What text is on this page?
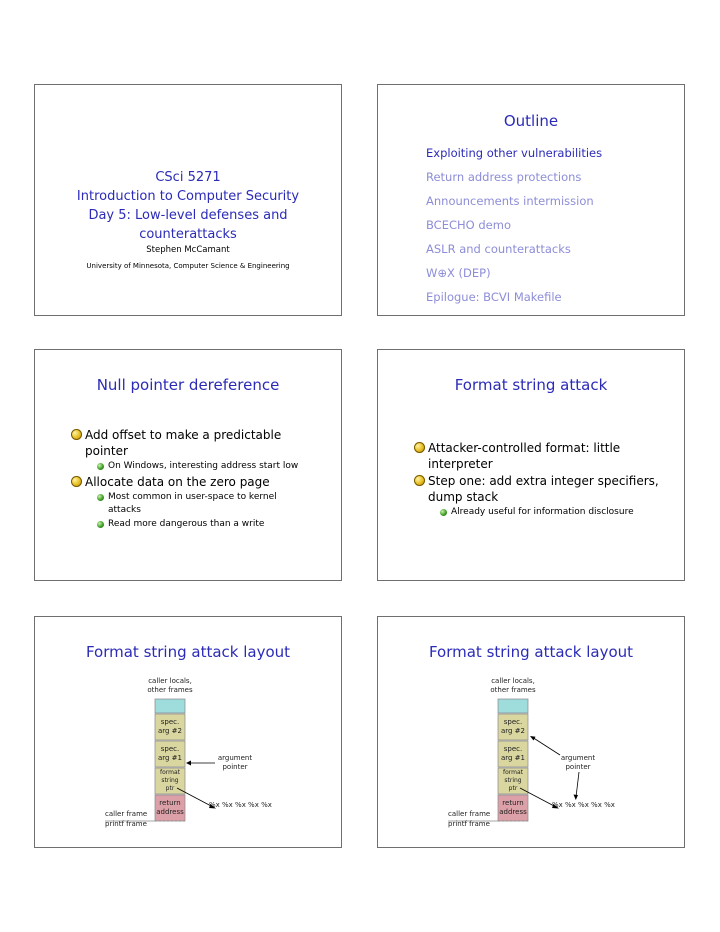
CSci 5271
Introduction to Computer Security
Day 5: Low-level defenses and
counterattacks
Stephen McCamant
University of Minnesota, Computer Science & Engineering
Outline
Exploiting other vulnerabilities
Return address protections
Announcements intermission
BCECHO demo
ASLR and counterattacks
W⊕X (DEP)
Epilogue: BCVI Makefile
Null pointer dereference
Add offset to make a predictable pointer
On Windows, interesting address start low
Allocate data on the zero page
Most common in user-space to kernel attacks
Read more dangerous than a write
Format string attack
Attacker-controlled format: little interpreter
Step one: add extra integer specifiers, dump stack
Already useful for information disclosure
Format string attack layout
caller locals,
other frames
spec.
arg #2
spec.
arg #1
format
string
ptr
return
address
argument
pointer
%x %x %x %x %x
caller frame
printf frame
Format string attack layout
caller locals,
other frames
spec.
arg #2
spec.
arg #1
format
string
ptr
argument
pointer
return
address
%x %x %x %x %x
caller frame
printf frame
